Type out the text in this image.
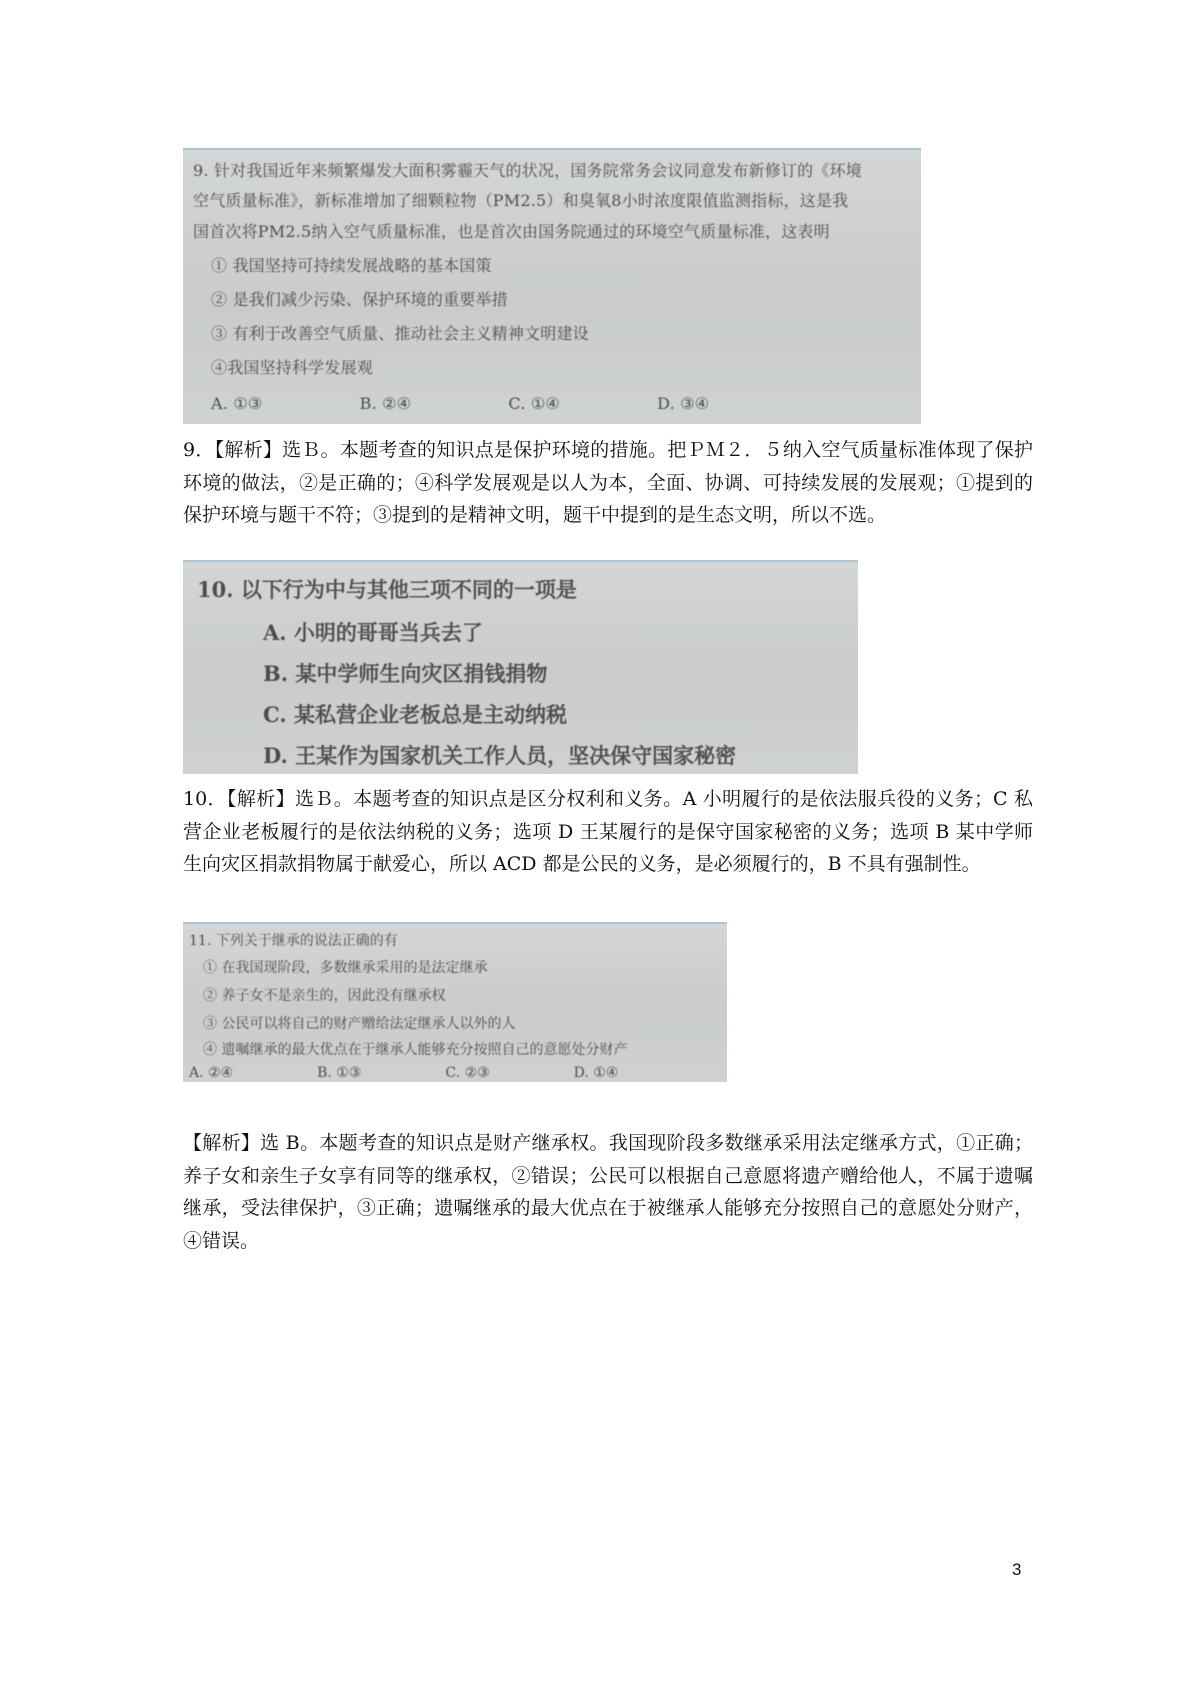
9. 针对我国近年来频繁爆发大面积雾霾天气的状况，国务院常务会议同意发布新修订的《环境
空气质量标准》，新标准增加了细颗粒物（PM2.5）和臭氧8小时浓度限值监测指标，这是我
国首次将PM2.5纳入空气质量标准，也是首次由国务院通过的环境空气质量标准，这表明
① 我国坚持可持续发展战略的基本国策
② 是我们减少污染、保护环境的重要举措
③ 有利于改善空气质量、推动社会主义精神文明建设
④我国坚持科学发展观
A. ①③　　　　　　B. ②④　　　　　　C. ①④　　　　　　D. ③④

9．【解析】选Ｂ。本题考查的知识点是保护环境的措施。把ＰＭ２．５纳入空气质量标准体现了保护环境的做法，②是正确的；④科学发展观是以人为本，全面、协调、可持续发展的发展观；①提到的保护环境与题干不符；③提到的是精神文明，题干中提到的是生态文明，所以不选。

10. 以下行为中与其他三项不同的一项是
A. 小明的哥哥当兵去了
B. 某中学师生向灾区捐钱捐物
C. 某私营企业老板总是主动纳税
D. 王某作为国家机关工作人员，坚决保守国家秘密

10．【解析】选Ｂ。本题考查的知识点是区分权利和义务。A 小明履行的是依法服兵役的义务；C 私营企业老板履行的是依法纳税的义务；选项 D 王某履行的是保守国家秘密的义务；选项 B 某中学师生向灾区捐款捐物属于献爱心，所以 ACD 都是公民的义务，是必须履行的，B 不具有强制性。

11. 下列关于继承的说法正确的有
① 在我国现阶段，多数继承采用的是法定继承
② 养子女不是亲生的，因此没有继承权
③ 公民可以将自己的财产赠给法定继承人以外的人
④ 遗嘱继承的最大优点在于继承人能够充分按照自己的意愿处分财产
A. ②④　　　　　　B. ①③　　　　　　C. ②③　　　　　　D. ①④

【解析】选 B。本题考查的知识点是财产继承权。我国现阶段多数继承采用法定继承方式，①正确；养子女和亲生子女享有同等的继承权，②错误；公民可以根据自己意愿将遗产赠给他人，不属于遗嘱继承，受法律保护，③正确；遗嘱继承的最大优点在于被继承人能够充分按照自己的意愿处分财产，④错误。

3
